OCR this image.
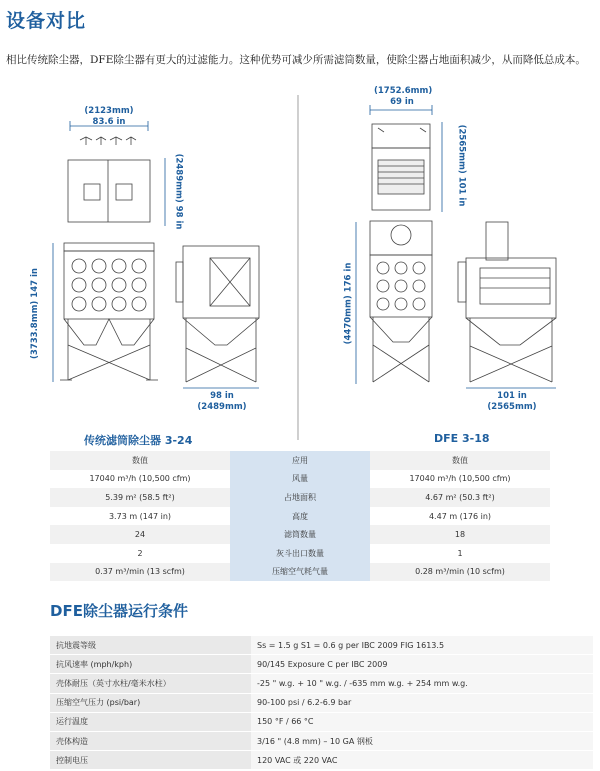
设备对比
相比传统除尘器，DFE除尘器有更大的过滤能力。这种优势可减少所需滤筒数量，使除尘器占地面积减少，从而降低总成本。
(2123mm)
83.6 in
(2489mm) 98 in
(3733.8mm) 147 in
98 in
(2489mm)
(1752.6mm)
69 in
(2565mm) 101 in
(4470mm) 176 in
101 in
(2565mm)
传统滤筒除尘器 3-24	DFE 3-18
数值	应用	数值
17040 m³/h (10,500 cfm)	风量	17040 m³/h (10,500 cfm)
5.39 m² (58.5 ft²)	占地面积	4.67 m² (50.3 ft²)
3.73 m (147 in)	高度	4.47 m (176 in)
24	滤筒数量	18
2	灰斗出口数量	1
0.37 m³/min (13 scfm)	压缩空气耗气量	0.28 m³/min (10 scfm)
DFE除尘器运行条件
抗地震等级	Ss = 1.5 g S1 = 0.6 g per IBC 2009 FIG 1613.5
抗风速率 (mph/kph)	90/145 Exposure C per IBC 2009
壳体耐压（英寸水柱/毫米水柱）	-25 " w.g. + 10 " w.g. / -635 mm w.g. + 254 mm w.g.
压缩空气压力 (psi/bar)	90-100 psi / 6.2-6.9 bar
运行温度	150 °F / 66 °C
壳体构造	3/16 " (4.8 mm) – 10 GA 钢板
控制电压	120 VAC 或 220 VAC
